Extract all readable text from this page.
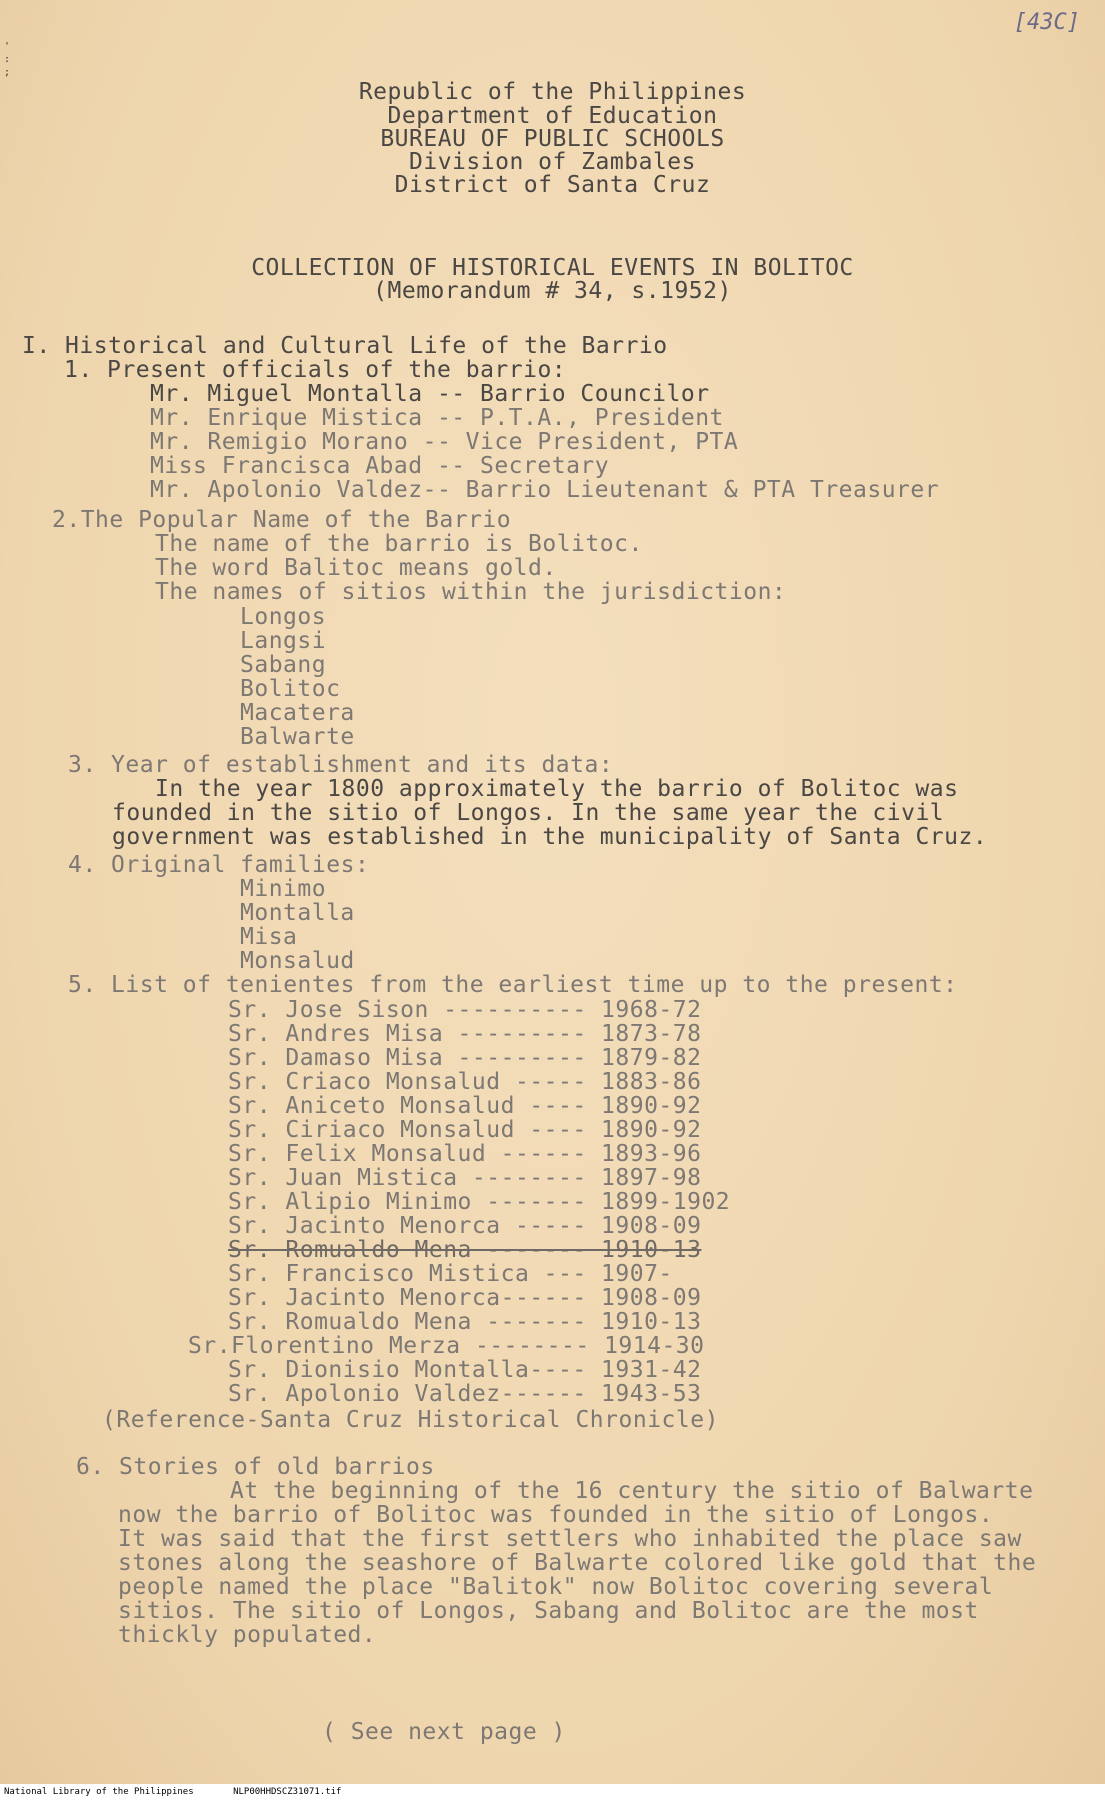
'
:
;
[43C]
Republic of the Philippines
Department of Education
BUREAU OF PUBLIC SCHOOLS
Division of Zambales
District of Santa Cruz
COLLECTION OF HISTORICAL EVENTS IN BOLITOC
(Memorandum # 34, s.1952)
I. Historical and Cultural Life of the Barrio
1. Present officials of the barrio:
Mr. Miguel Montalla -- Barrio Councilor
Mr. Enrique Mistica -- P.T.A., President
Mr. Remigio Morano -- Vice President, PTA
Miss Francisca Abad -- Secretary
Mr. Apolonio Valdez-- Barrio Lieutenant & PTA Treasurer
2.The Popular Name of the Barrio
The name of the barrio is Bolitoc.
The word Balitoc means gold.
The names of sitios within the jurisdiction:
Longos
Langsi
Sabang
Bolitoc
Macatera
Balwarte
3. Year of establishment and its data:
In the year 1800 approximately the barrio of Bolitoc was
founded in the sitio of Longos. In the same year the civil
government was established in the municipality of Santa Cruz.
4. Original families:
Minimo
Montalla
Misa
Monsalud
5. List of tenientes from the earliest time up to the present:
Sr. Jose Sison ---------- 1968-72
Sr. Andres Misa --------- 1873-78
Sr. Damaso Misa --------- 1879-82
Sr. Criaco Monsalud ----- 1883-86
Sr. Aniceto Monsalud ---- 1890-92
Sr. Ciriaco Monsalud ---- 1890-92
Sr. Felix Monsalud ------ 1893-96
Sr. Juan Mistica -------- 1897-98
Sr. Alipio Minimo ------- 1899-1902
Sr. Jacinto Menorca ----- 1908-09
Sr. Romualdo Mena ------- 1910-13
Sr. Francisco Mistica --- 1907-
Sr. Jacinto Menorca------ 1908-09
Sr. Romualdo Mena ------- 1910-13
Sr.Florentino Merza -------- 1914-30
Sr. Dionisio Montalla---- 1931-42
Sr. Apolonio Valdez------ 1943-53
(Reference-Santa Cruz Historical Chronicle)
6. Stories of old barrios
At the beginning of the 16 century the sitio of Balwarte
now the barrio of Bolitoc was founded in the sitio of Longos.
It was said that the first settlers who inhabited the place saw
stones along the seashore of Balwarte colored like gold that the
people named the place "Balitok" now Bolitoc covering several
sitios. The sitio of Longos, Sabang and Bolitoc are the most
thickly populated.
( See next page )
National Library of the Philippines	NLP00HHDSCZ31071.tif
